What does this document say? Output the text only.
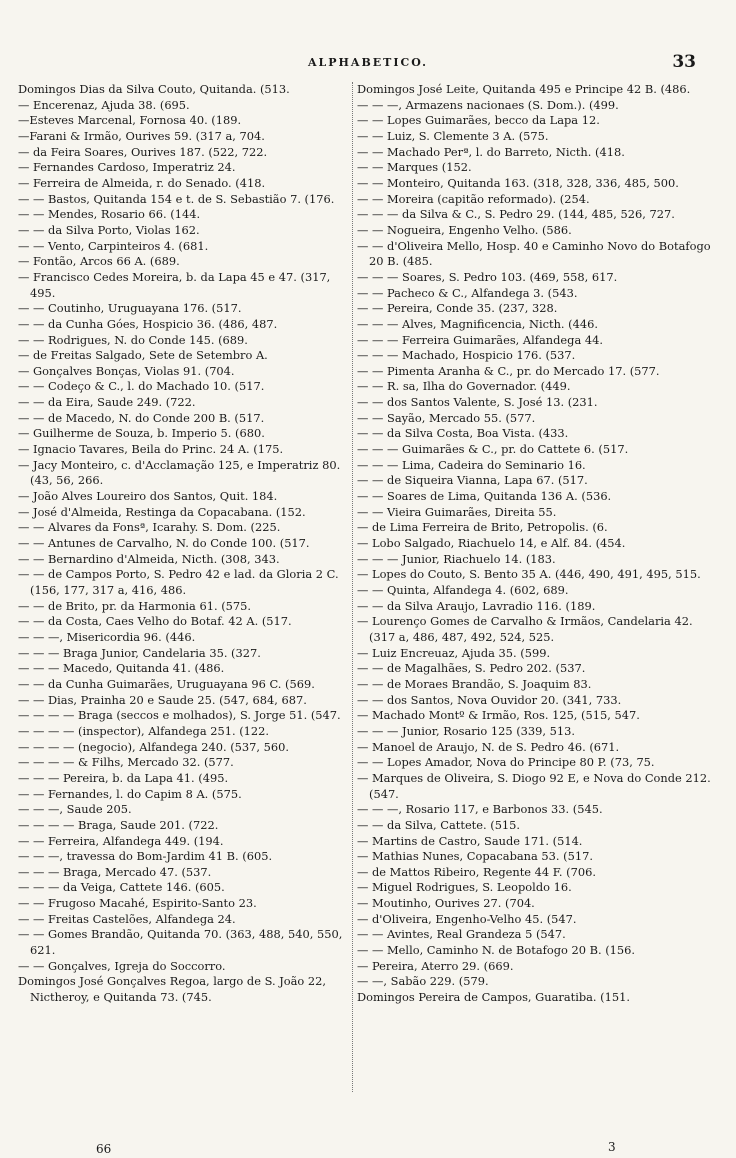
ALPHABETICO.	33

Domingos Dias da Silva Couto, Quitanda. (513.

— Encerenaz, Ajuda 38. (695.

—Esteves Marcenal, Fornosa 40. (189.

—Farani & Irmão, Ourives 59. (317 a, 704.

— da Feira Soares, Ourives 187. (522, 722.

— Fernandes Cardoso, Imperatriz 24.

— Ferreira de Almeida, r. do Senado. (418.

— — Bastos, Quitanda 154 e t. de S. Sebastião 7. (176.

— — Mendes, Rosario 66. (144.

— — da Silva Porto, Violas 162.

— — Vento, Carpinteiros 4. (681.

— Fontão, Arcos 66 A. (689.

— Francisco Cedes Moreira, b. da Lapa 45 e 47. (317, 495.

— — Coutinho, Uruguayana 176. (517.

— — da Cunha Góes, Hospicio 36. (486, 487.

— — Rodrigues, N. do Conde 145. (689.

— de Freitas Salgado, Sete de Setembro A.

— Gonçalves Bonças, Violas 91. (704.

— — Codeço & C., l. do Machado 10. (517.

— — da Eira, Saude 249. (722.

— — de Macedo, N. do Conde 200 B. (517.

— Guilherme de Souza, b. Imperio 5. (680.

— Ignacio Tavares, Beila do Princ. 24 A. (175.

— Jacy Monteiro, c. d'Acclamação 125, e Imperatriz 80. (43, 56, 266.

— João Alves Loureiro dos Santos, Quit. 184.

— José d'Almeida, Restinga da Copacabana. (152.

— — Alvares da Fonsª, Icarahy. S. Dom. (225.

— — Antunes de Carvalho, N. do Conde 100. (517.

— — Bernardino d'Almeida, Nicth. (308, 343.

— — de Campos Porto, S. Pedro 42 e lad. da Gloria 2 C. (156, 177, 317 a, 416, 486.

— — de Brito, pr. da Harmonia 61. (575.

— — da Costa, Caes Velho do Botaf. 42 A. (517.

— — —, Misericordia 96. (446.

— — — Braga Junior, Candelaria 35. (327.

— — — Macedo, Quitanda 41. (486.

— — da Cunha Guimarães, Uruguayana 96 C. (569.

— — Dias, Prainha 20 e Saude 25. (547, 684, 687.

— — — — Braga (seccos e molhados), S. Jorge 51. (547.

— — — — (inspector), Alfandega 251. (122.

— — — — (negocio), Alfandega 240. (537, 560.

— — — — & Filhs, Mercado 32. (577.

— — — Pereira, b. da Lapa 41. (495.

— — Fernandes, l. do Capim 8 A. (575.

— — —, Saude 205.

— — — — Braga, Saude 201. (722.

— — Ferreira, Alfandega 449. (194.

— — —, travessa do Bom-Jardim 41 B. (605.

— — — Braga, Mercado 47. (537.

— — — da Veiga, Cattete 146. (605.

— — Frugoso Macahé, Espirito-Santo 23.

— — Freitas Castelões, Alfandega 24.

— — Gomes Brandão, Quitanda 70. (363, 488, 540, 550, 621.

— — Gonçalves, Igreja do Soccorro.

Domingos José Gonçalves Regoa, largo de S. João 22, Nictheroy, e Quitanda 73. (745.

Domingos José Leite, Quitanda 495 e Principe 42 B. (486.

— — —, Armazens nacionaes (S. Dom.). (499.

— — Lopes Guimarães, becco da Lapa 12.

— — Luiz, S. Clemente 3 A. (575.

— — Machado Perª, l. do Barreto, Nicth. (418.

— — Marques (152.

— — Monteiro, Quitanda 163. (318, 328, 336, 485, 500.

— — Moreira (capitão reformado). (254.

— — — da Silva & C., S. Pedro 29. (144, 485, 526, 727.

— — Nogueira, Engenho Velho. (586.

— — d'Oliveira Mello, Hosp. 40 e Caminho Novo do Botafogo 20 B. (485.

— — — Soares, S. Pedro 103. (469, 558, 617.

— — Pacheco & C., Alfandega 3. (543.

— — Pereira, Conde 35. (237, 328.

— — — Alves, Magnificencia, Nicth. (446.

— — — Ferreira Guimarães, Alfandega 44.

— — — Machado, Hospicio 176. (537.

— — Pimenta Aranha & C., pr. do Mercado 17. (577.

— — R. sa, Ilha do Governador. (449.

— — dos Santos Valente, S. José 13. (231.

— — Sayão, Mercado 55. (577.

— — da Silva Costa, Boa Vista. (433.

— — — Guimarães & C., pr. do Cattete 6. (517.

— — — Lima, Cadeira do Seminario 16.

— — de Siqueira Vianna, Lapa 67. (517.

— — Soares de Lima, Quitanda 136 A. (536.

— — Vieira Guimarães, Direita 55.

— de Lima Ferreira de Brito, Petropolis. (6.

— Lobo Salgado, Riachuelo 14, e Alf. 84. (454.

— — — Junior, Riachuelo 14. (183.

— Lopes do Couto, S. Bento 35 A. (446, 490, 491, 495, 515.

— — Quinta, Alfandega 4. (602, 689.

— — da Silva Araujo, Lavradio 116. (189.

— Lourenço Gomes de Carvalho & Irmãos, Candelaria 42. (317 a, 486, 487, 492, 524, 525.

— Luiz Encreuaz, Ajuda 35. (599.

— — de Magalhães, S. Pedro 202. (537.

— — de Moraes Brandão, S. Joaquim 83.

— — dos Santos, Nova Ouvidor 20. (341, 733.

— Machado Montº & Irmão, Ros. 125, (515, 547.

— — — Junior, Rosario 125 (339, 513.

— Manoel de Araujo, N. de S. Pedro 46. (671.

— — Lopes Amador, Nova do Principe 80 P. (73, 75.

— Marques de Oliveira, S. Diogo 92 E, e Nova do Conde 212. (547.

— — —, Rosario 117, e Barbonos 33. (545.

— — da Silva, Cattete. (515.

— Martins de Castro, Saude 171. (514.

— Mathias Nunes, Copacabana 53. (517.

— de Mattos Ribeiro, Regente 44 F. (706.

— Miguel Rodrigues, S. Leopoldo 16.

— Moutinho, Ourives 27. (704.

— d'Oliveira, Engenho-Velho 45. (547.

— — Avintes, Real Grandeza 5 (547.

— — Mello, Caminho N. de Botafogo 20 B. (156.

— Pereira, Aterro 29. (669.

— —, Sabão 229. (579.

Domingos Pereira de Campos, Guaratiba. (151.

66	3
